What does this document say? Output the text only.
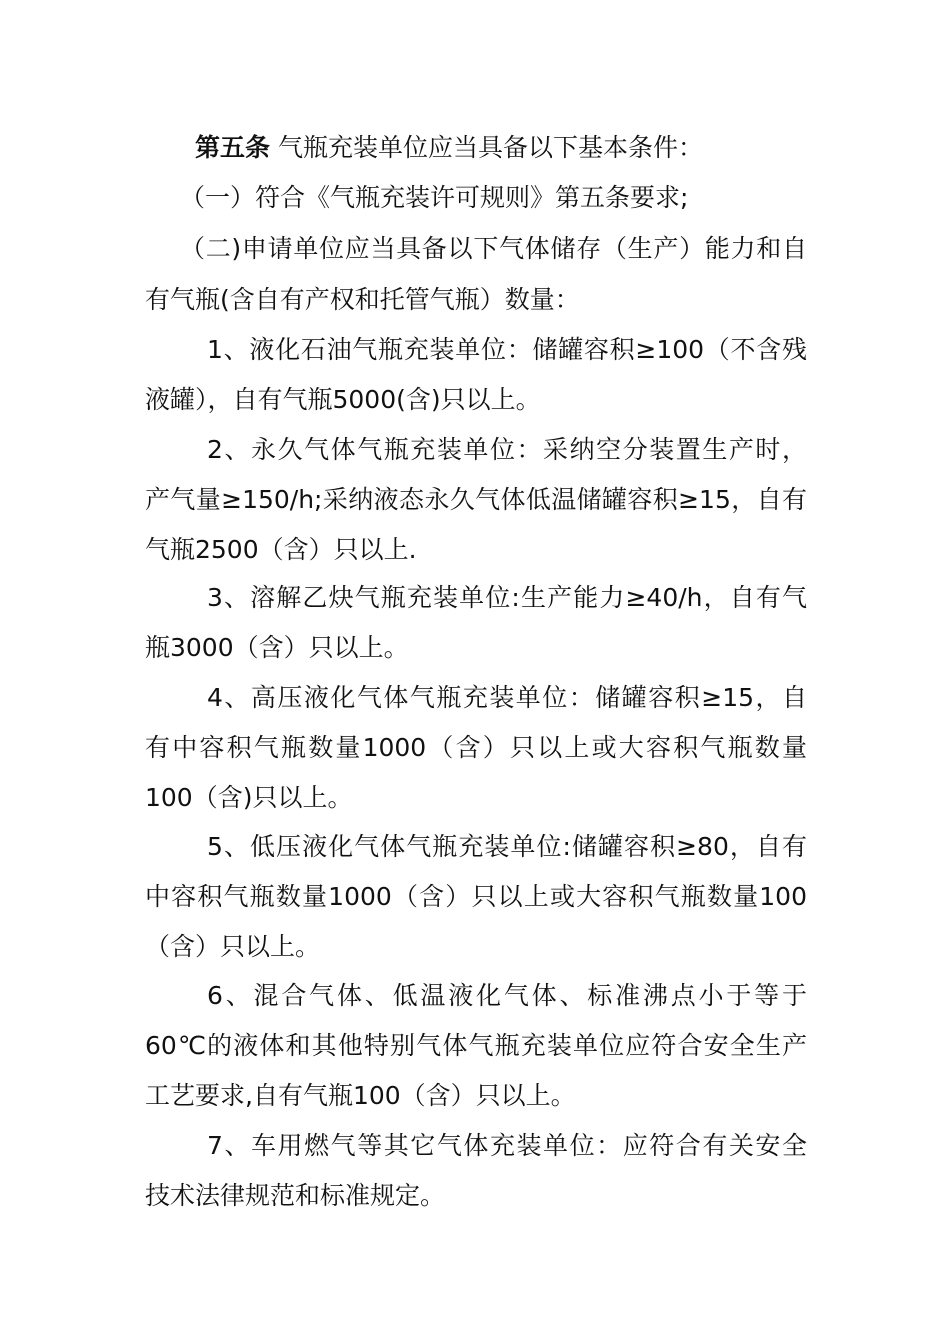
第五条 气瓶充装单位应当具备以下基本条件：
（一）符合《气瓶充装许可规则》第五条要求;
（二)申请单位应当具备以下气体储存（生产）能力和自
有气瓶(含自有产权和托管气瓶）数量：
1、液化石油气瓶充装单位：储罐容积≥100（不含残
液罐），自有气瓶5000(含)只以上。
2、永久气体气瓶充装单位：采纳空分装置生产时，
产气量≥150/h;采纳液态永久气体低温储罐容积≥15，自有
气瓶2500（含）只以上.
3、溶解乙炔气瓶充装单位:生产能力≥40/h，自有气
瓶3000（含）只以上。
4、高压液化气体气瓶充装单位：储罐容积≥15，自
有中容积气瓶数量1000（含）只以上或大容积气瓶数量
100（含)只以上。
5、低压液化气体气瓶充装单位:储罐容积≥80，自有
中容积气瓶数量1000（含）只以上或大容积气瓶数量100
（含）只以上。
6、混合气体、低温液化气体、标准沸点小于等于
60℃的液体和其他特别气体气瓶充装单位应符合安全生产
工艺要求,自有气瓶100（含）只以上。
7、车用燃气等其它气体充装单位：应符合有关安全
技术法律规范和标准规定。
